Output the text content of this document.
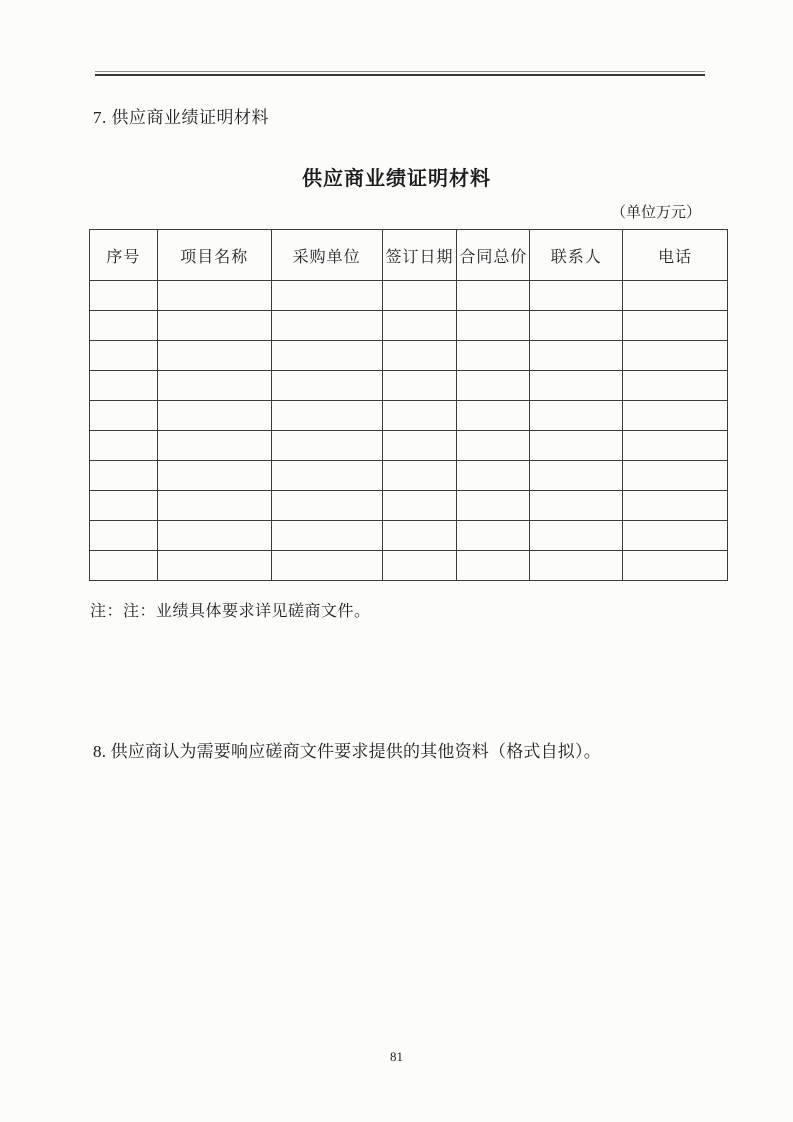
7. 供应商业绩证明材料
供应商业绩证明材料
（单位万元）
序号	项目名称	采购单位	签订日期	合同总价	联系人	电话

注：注：业绩具体要求详见磋商文件。
8. 供应商认为需要响应磋商文件要求提供的其他资料（格式自拟）。
81
